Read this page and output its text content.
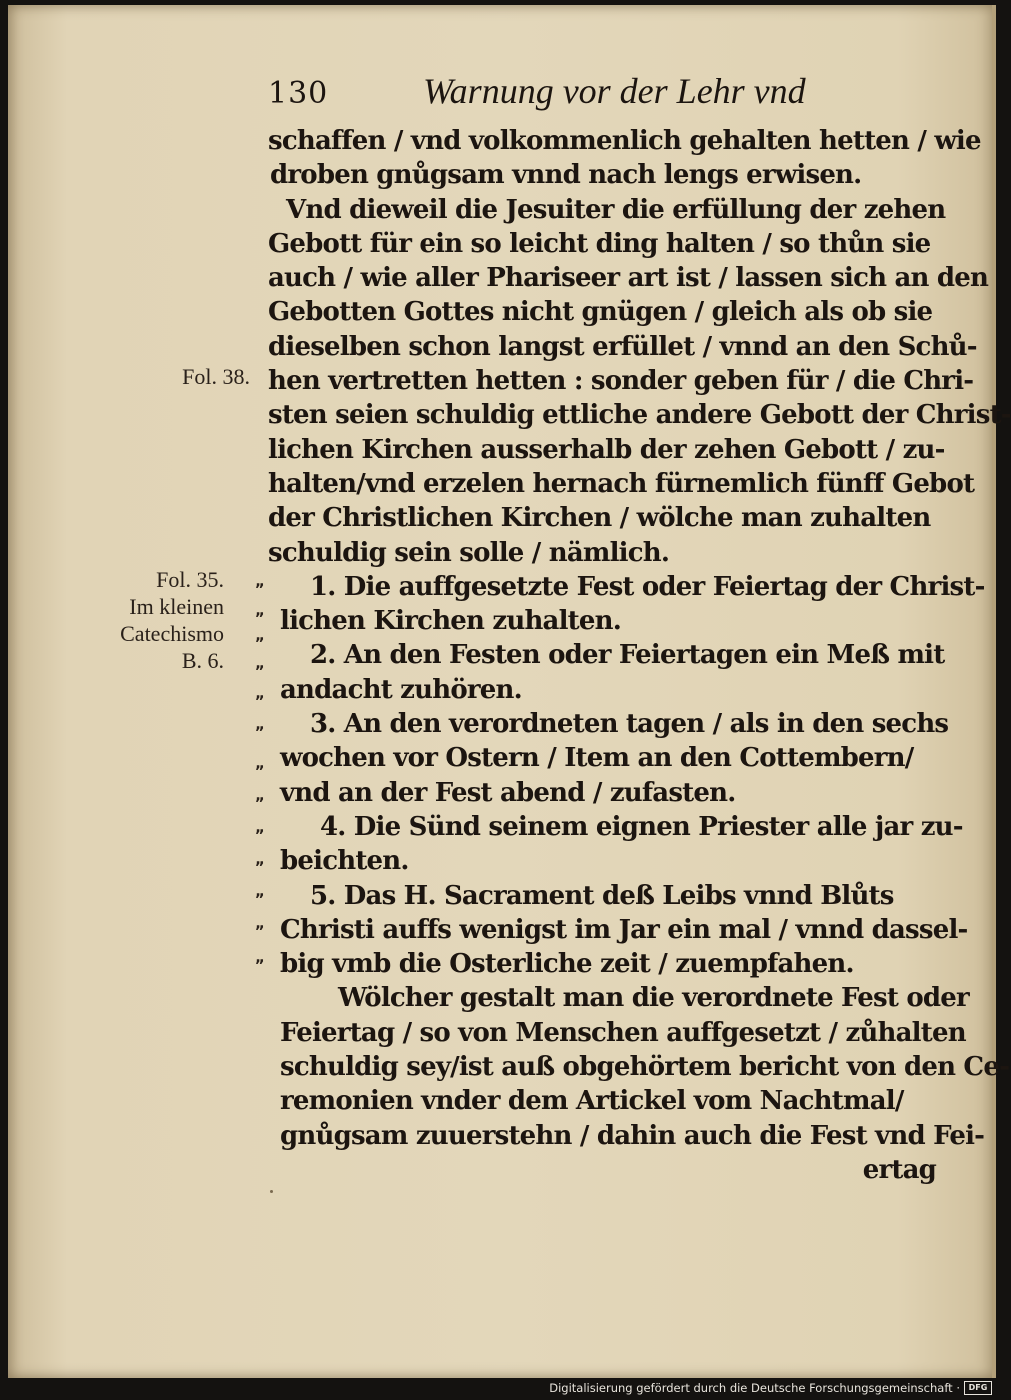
130	Warnung vor der Lehr vnd
Fol. 38.
Fol. 35.
Im kleinen
Catechismo
B. 6.
schaffen / vnd volkommenlich gehalten hetten / wie
droben gnůgsam vnnd nach lengs erwisen.
Vnd dieweil die Jesuiter die erfüllung der zehen
Gebott für ein so leicht ding halten / so thůn sie
auch / wie aller Phariseer art ist / lassen sich an den
Gebotten Gottes nicht gnügen / gleich als ob sie
dieselben schon langst erfüllet / vnnd an den Schů-
hen vertretten hetten : sonder geben für / die Chri-
sten seien schuldig ettliche andere Gebott der Christ-
lichen Kirchen ausserhalb der zehen Gebott / zu-
halten/vnd erzelen hernach fürnemlich fünff Gebot
der Christlichen Kirchen / wölche man zuhalten
schuldig sein solle / nämlich.
1. Die auffgesetzte Fest oder Feiertag der Christ-
lichen Kirchen zuhalten.
2. An den Festen oder Feiertagen ein Meß mit
andacht zuhören.
3. An den verordneten tagen / als in den sechs
wochen vor Ostern / Item an den Cottembern/
vnd an der Fest abend / zufasten.
4. Die Sünd seinem eignen Priester alle jar zu-
beichten.
5. Das H. Sacrament deß Leibs vnnd Blůts
Christi auffs wenigst im Jar ein mal / vnnd dassel-
big vmb die Osterliche zeit / zuempfahen.
Wölcher gestalt man die verordnete Fest oder
Feiertag / so von Menschen auffgesetzt / zůhalten
schuldig sey/ist auß obgehörtem bericht von den Ce-
remonien vnder dem Artickel vom Nachtmal/
gnůgsam zuuerstehn / dahin auch die Fest vnd Fei-
ertag
„
„
„
„
„
„
„
„
„
„
„
„
„
Digitalisierung gefördert durch die Deutsche Forschungsgemeinschaft ·	DFG
